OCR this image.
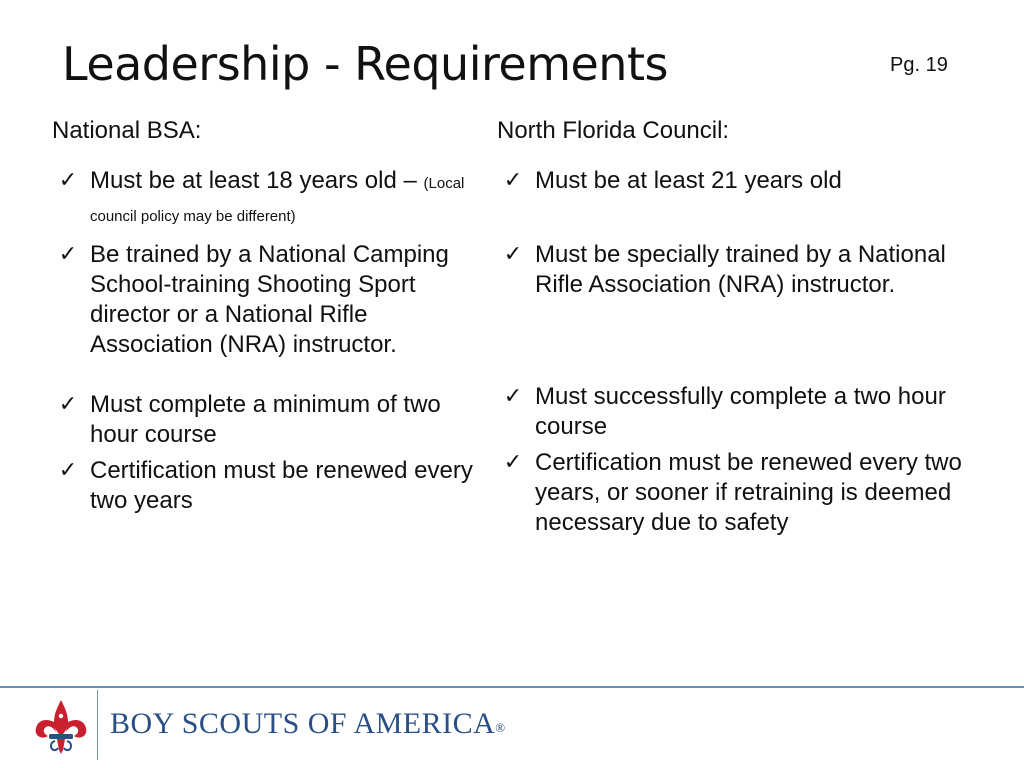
Leadership - Requirements	Pg. 19
National BSA:
✓ Must be at least 18 years old – (Local council policy may be different)
✓ Be trained by a National Camping School-training Shooting Sport director or a National Rifle Association (NRA) instructor.
✓ Must complete a minimum of two hour course
✓ Certification must be renewed every two years
North Florida Council:
✓ Must be at least 21 years old
✓ Must be specially trained by a National Rifle Association (NRA) instructor.
✓ Must successfully complete a two hour course
✓ Certification must be renewed every two years, or sooner if retraining is deemed necessary due to safety
BOY SCOUTS OF AMERICA®
